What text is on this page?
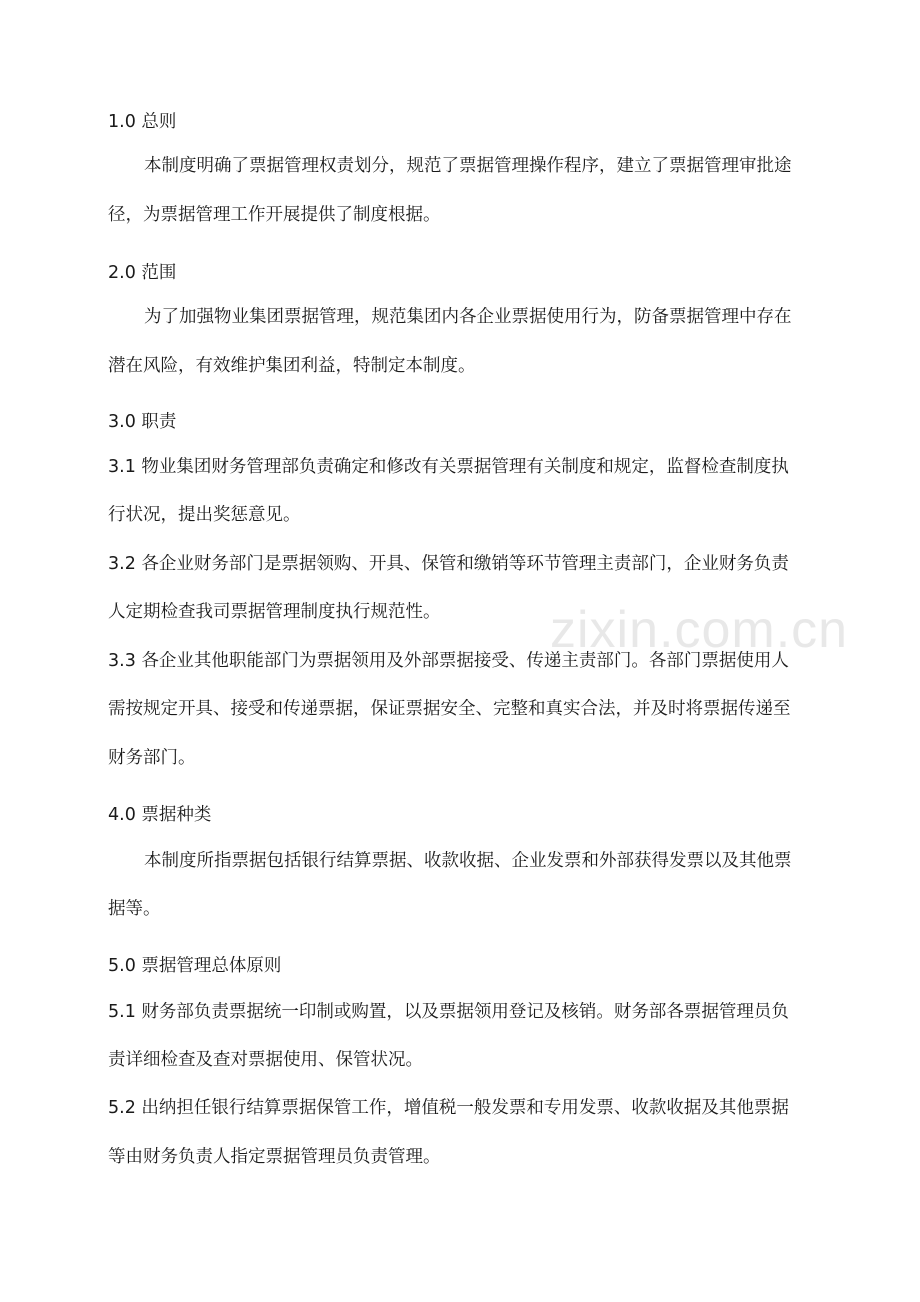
1.0 总则
本制度明确了票据管理权责划分，规范了票据管理操作程序，建立了票据管理审批途
径，为票据管理工作开展提供了制度根据。
2.0 范围
为了加强物业集团票据管理，规范集团内各企业票据使用行为，防备票据管理中存在
潜在风险，有效维护集团利益，特制定本制度。
3.0 职责
3.1 物业集团财务管理部负责确定和修改有关票据管理有关制度和规定，监督检查制度执
行状况，提出奖惩意见。
3.2 各企业财务部门是票据领购、开具、保管和缴销等环节管理主责部门，企业财务负责
人定期检查我司票据管理制度执行规范性。
3.3 各企业其他职能部门为票据领用及外部票据接受、传递主责部门。各部门票据使用人
需按规定开具、接受和传递票据，保证票据安全、完整和真实合法，并及时将票据传递至
财务部门。
4.0 票据种类
本制度所指票据包括银行结算票据、收款收据、企业发票和外部获得发票以及其他票
据等。
5.0 票据管理总体原则
5.1 财务部负责票据统一印制或购置，以及票据领用登记及核销。财务部各票据管理员负
责详细检查及查对票据使用、保管状况。
5.2 出纳担任银行结算票据保管工作，增值税一般发票和专用发票、收款收据及其他票据
等由财务负责人指定票据管理员负责管理。
zixin.com.cn
